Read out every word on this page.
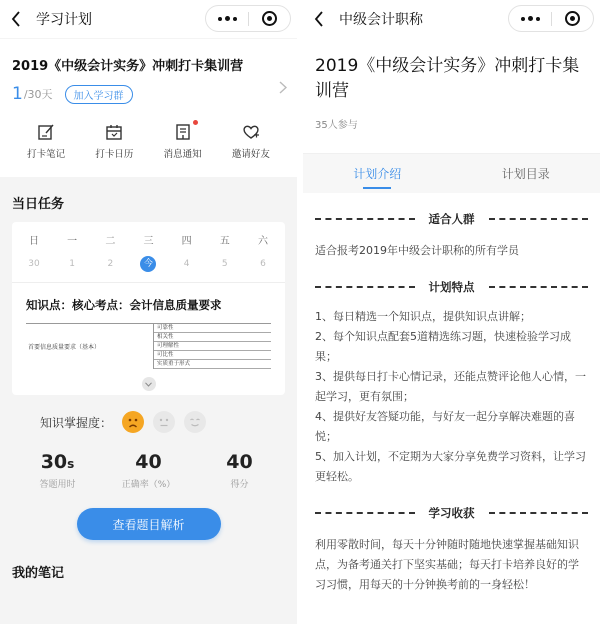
学习计划
2019《中级会计实务》冲刺打卡集训营
1 /30天	加入学习群
打卡笔记	打卡日历	消息通知	邀请好友
当日任务
日	一	二	三	四	五	六
30	1	2	今	4	5	6
知识点：核心考点：会计信息质量要求
首要信息质量要求（基本）
可靠性
相关性
可理解性
可比性
实质重于形式
知识掌握度：
30s
答题用时
40
正确率（%）
40
得分
查看题目解析
我的笔记
中级会计职称
2019《中级会计实务》冲刺打卡集训营
35人参与
计划介绍	计划目录
适合人群
适合报考2019年中级会计职称的所有学员
计划特点
1、每日精选一个知识点，提供知识点讲解；
2、每个知识点配套5道精选练习题，快速检验学习成果；
3、提供每日打卡心情记录，还能点赞评论他人心情，一起学习，更有氛围；
4、提供好友答疑功能，与好友一起分享解决难题的喜悦；
5、加入计划，不定期为大家分享免费学习资料，让学习更轻松。
学习收获
利用零散时间，每天十分钟随时随地快速掌握基础知识点，为备考通关打下坚实基础；每天打卡培养良好的学习习惯，用每天的十分钟换考前的一身轻松！
